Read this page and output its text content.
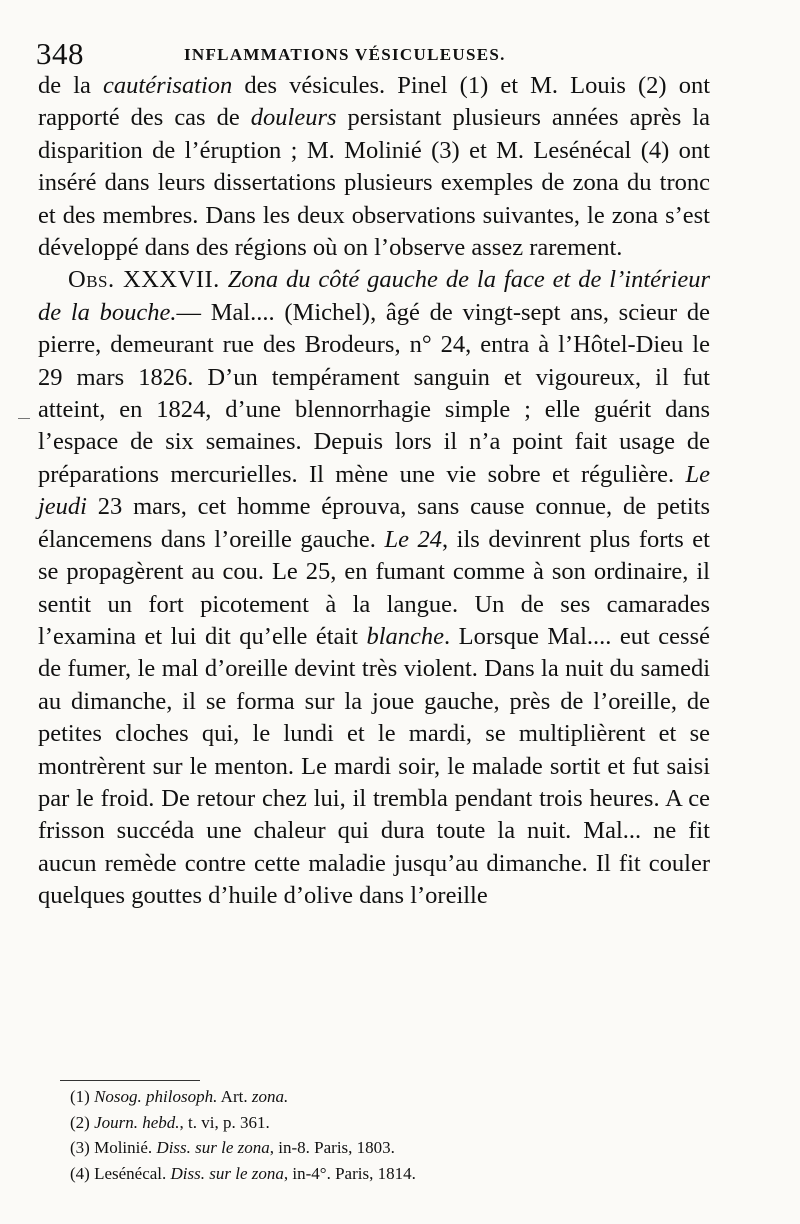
348	INFLAMMATIONS VÉSICULEUSES.

de la cautérisation des vésicules. Pinel (1) et M. Louis (2) ont rapporté des cas de douleurs persistant plusieurs années après la disparition de l’éruption ; M. Molinié (3) et M. Lesénécal (4) ont inséré dans leurs dissertations plusieurs exemples de zona du tronc et des membres. Dans les deux observations suivantes, le zona s’est développé dans des régions où on l’observe assez rarement.

Obs. XXXVII. Zona du côté gauche de la face et de l’intérieur de la bouche.— Mal.... (Michel), âgé de vingt-sept ans, scieur de pierre, demeurant rue des Brodeurs, n° 24, entra à l’Hôtel-Dieu le 29 mars 1826. D’un tempérament sanguin et vigoureux, il fut atteint, en 1824, d’une blennorrhagie simple ; elle guérit dans l’espace de six semaines. Depuis lors il n’a point fait usage de préparations mercurielles. Il mène une vie sobre et régulière. Le jeudi 23 mars, cet homme éprouva, sans cause connue, de petits élancemens dans l’oreille gauche. Le 24, ils devinrent plus forts et se propagèrent au cou. Le 25, en fumant comme à son ordinaire, il sentit un fort picotement à la langue. Un de ses camarades l’examina et lui dit qu’elle était blanche. Lorsque Mal.... eut cessé de fumer, le mal d’oreille devint très violent. Dans la nuit du samedi au dimanche, il se forma sur la joue gauche, près de l’oreille, de petites cloches qui, le lundi et le mardi, se multiplièrent et se montrèrent sur le menton. Le mardi soir, le malade sortit et fut saisi par le froid. De retour chez lui, il trembla pendant trois heures. A ce frisson succéda une chaleur qui dura toute la nuit. Mal... ne fit aucun remède contre cette maladie jusqu’au dimanche. Il fit couler quelques gouttes d’huile d’olive dans l’oreille

(1) Nosog. philosoph. Art. zona.

(2) Journ. hebd., t. vi, p. 361.

(3) Molinié. Diss. sur le zona, in-8. Paris, 1803.

(4) Lesénécal. Diss. sur le zona, in-4°. Paris, 1814.
